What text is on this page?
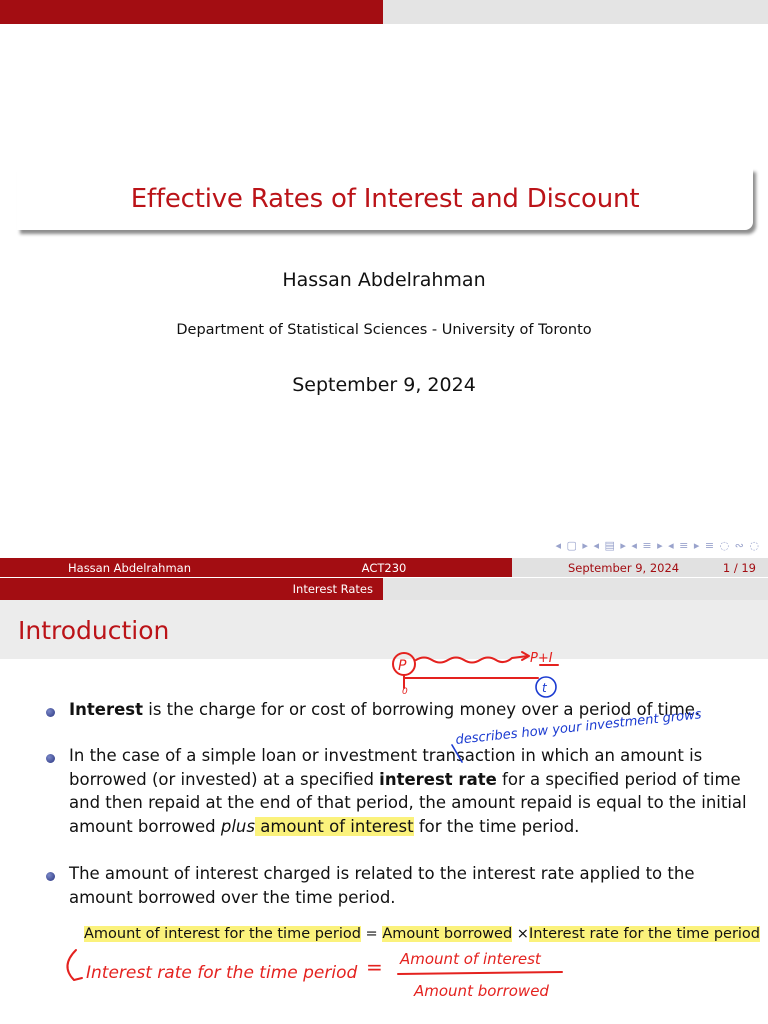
Effective Rates of Interest and Discount
Hassan Abdelrahman
Department of Statistical Sciences - University of Toronto
September 9, 2024
◂ ▢ ▸ ◂ ▤ ▸ ◂ ≡ ▸ ◂ ≡ ▸ ≡ ◌ ∾ ◌
Hassan Abdelrahman	ACT230	September 9, 2024	1 / 19
Interest Rates
Introduction
Interest is the charge for or cost of borrowing money over a period of time.
In the case of a simple loan or investment transaction in which an amount is borrowed (or invested) at a specified interest rate for a specified period of time and then repaid at the end of that period, the amount repaid is equal to the initial amount borrowed plus amount of interest for the time period.
The amount of interest charged is related to the interest rate applied to the amount borrowed over the time period.
Amount of interest for the time period = Amount borrowed ×Interest rate for the time period
P	P+I
0	t
describes how your investment grows
Interest rate for the time period = Amount of interest
Amount borrowed
